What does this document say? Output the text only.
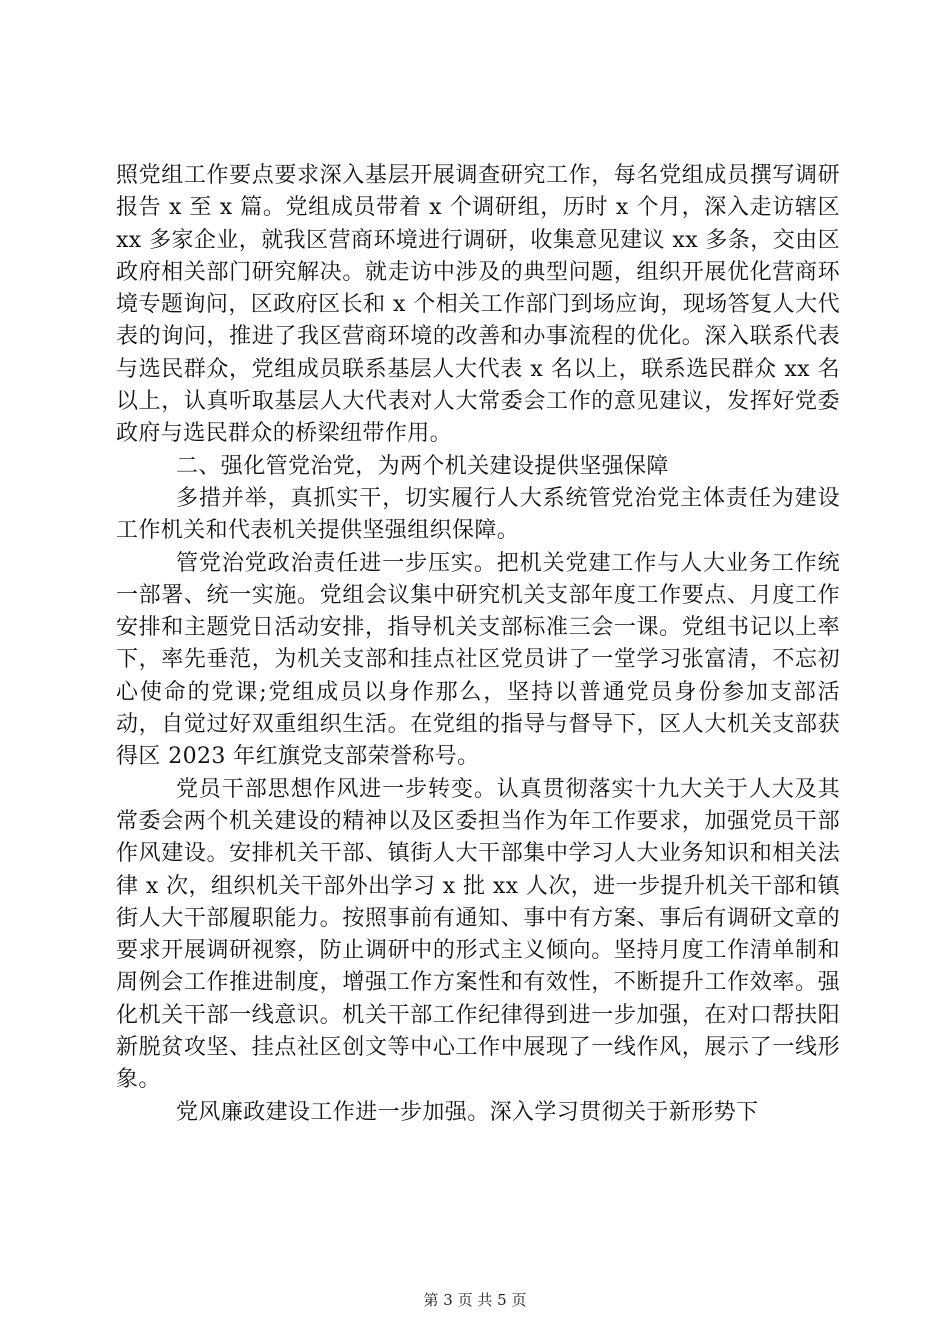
照党组工作要点要求深入基层开展调查研究工作，每名党组成员撰写调研报告 x 至 x 篇。党组成员带着 x 个调研组，历时 x 个月，深入走访辖区 xx 多家企业，就我区营商环境进行调研，收集意见建议 xx 多条，交由区政府相关部门研究解决。就走访中涉及的典型问题，组织开展优化营商环境专题询问，区政府区长和 x 个相关工作部门到场应询，现场答复人大代表的询问，推进了我区营商环境的改善和办事流程的优化。深入联系代表与选民群众，党组成员联系基层人大代表 x 名以上，联系选民群众 xx 名以上，认真听取基层人大代表对人大常委会工作的意见建议，发挥好党委政府与选民群众的桥梁纽带作用。

二、强化管党治党，为两个机关建设提供坚强保障

多措并举，真抓实干，切实履行人大系统管党治党主体责任为建设工作机关和代表机关提供坚强组织保障。

管党治党政治责任进一步压实。把机关党建工作与人大业务工作统一部署、统一实施。党组会议集中研究机关支部年度工作要点、月度工作安排和主题党日活动安排，指导机关支部标准三会一课。党组书记以上率下，率先垂范，为机关支部和挂点社区党员讲了一堂学习张富清，不忘初心使命的党课;党组成员以身作那么，坚持以普通党员身份参加支部活动，自觉过好双重组织生活。在党组的指导与督导下，区人大机关支部获得区 2023 年红旗党支部荣誉称号。

党员干部思想作风进一步转变。认真贯彻落实十九大关于人大及其常委会两个机关建设的精神以及区委担当作为年工作要求，加强党员干部作风建设。安排机关干部、镇街人大干部集中学习人大业务知识和相关法律 x 次，组织机关干部外出学习 x 批 xx 人次，进一步提升机关干部和镇街人大干部履职能力。按照事前有通知、事中有方案、事后有调研文章的要求开展调研视察，防止调研中的形式主义倾向。坚持月度工作清单制和周例会工作推进制度，增强工作方案性和有效性，不断提升工作效率。强化机关干部一线意识。机关干部工作纪律得到进一步加强，在对口帮扶阳新脱贫攻坚、挂点社区创文等中心工作中展现了一线作风，展示了一线形象。

党风廉政建设工作进一步加强。深入学习贯彻关于新形势下

第 3 页 共 5 页
